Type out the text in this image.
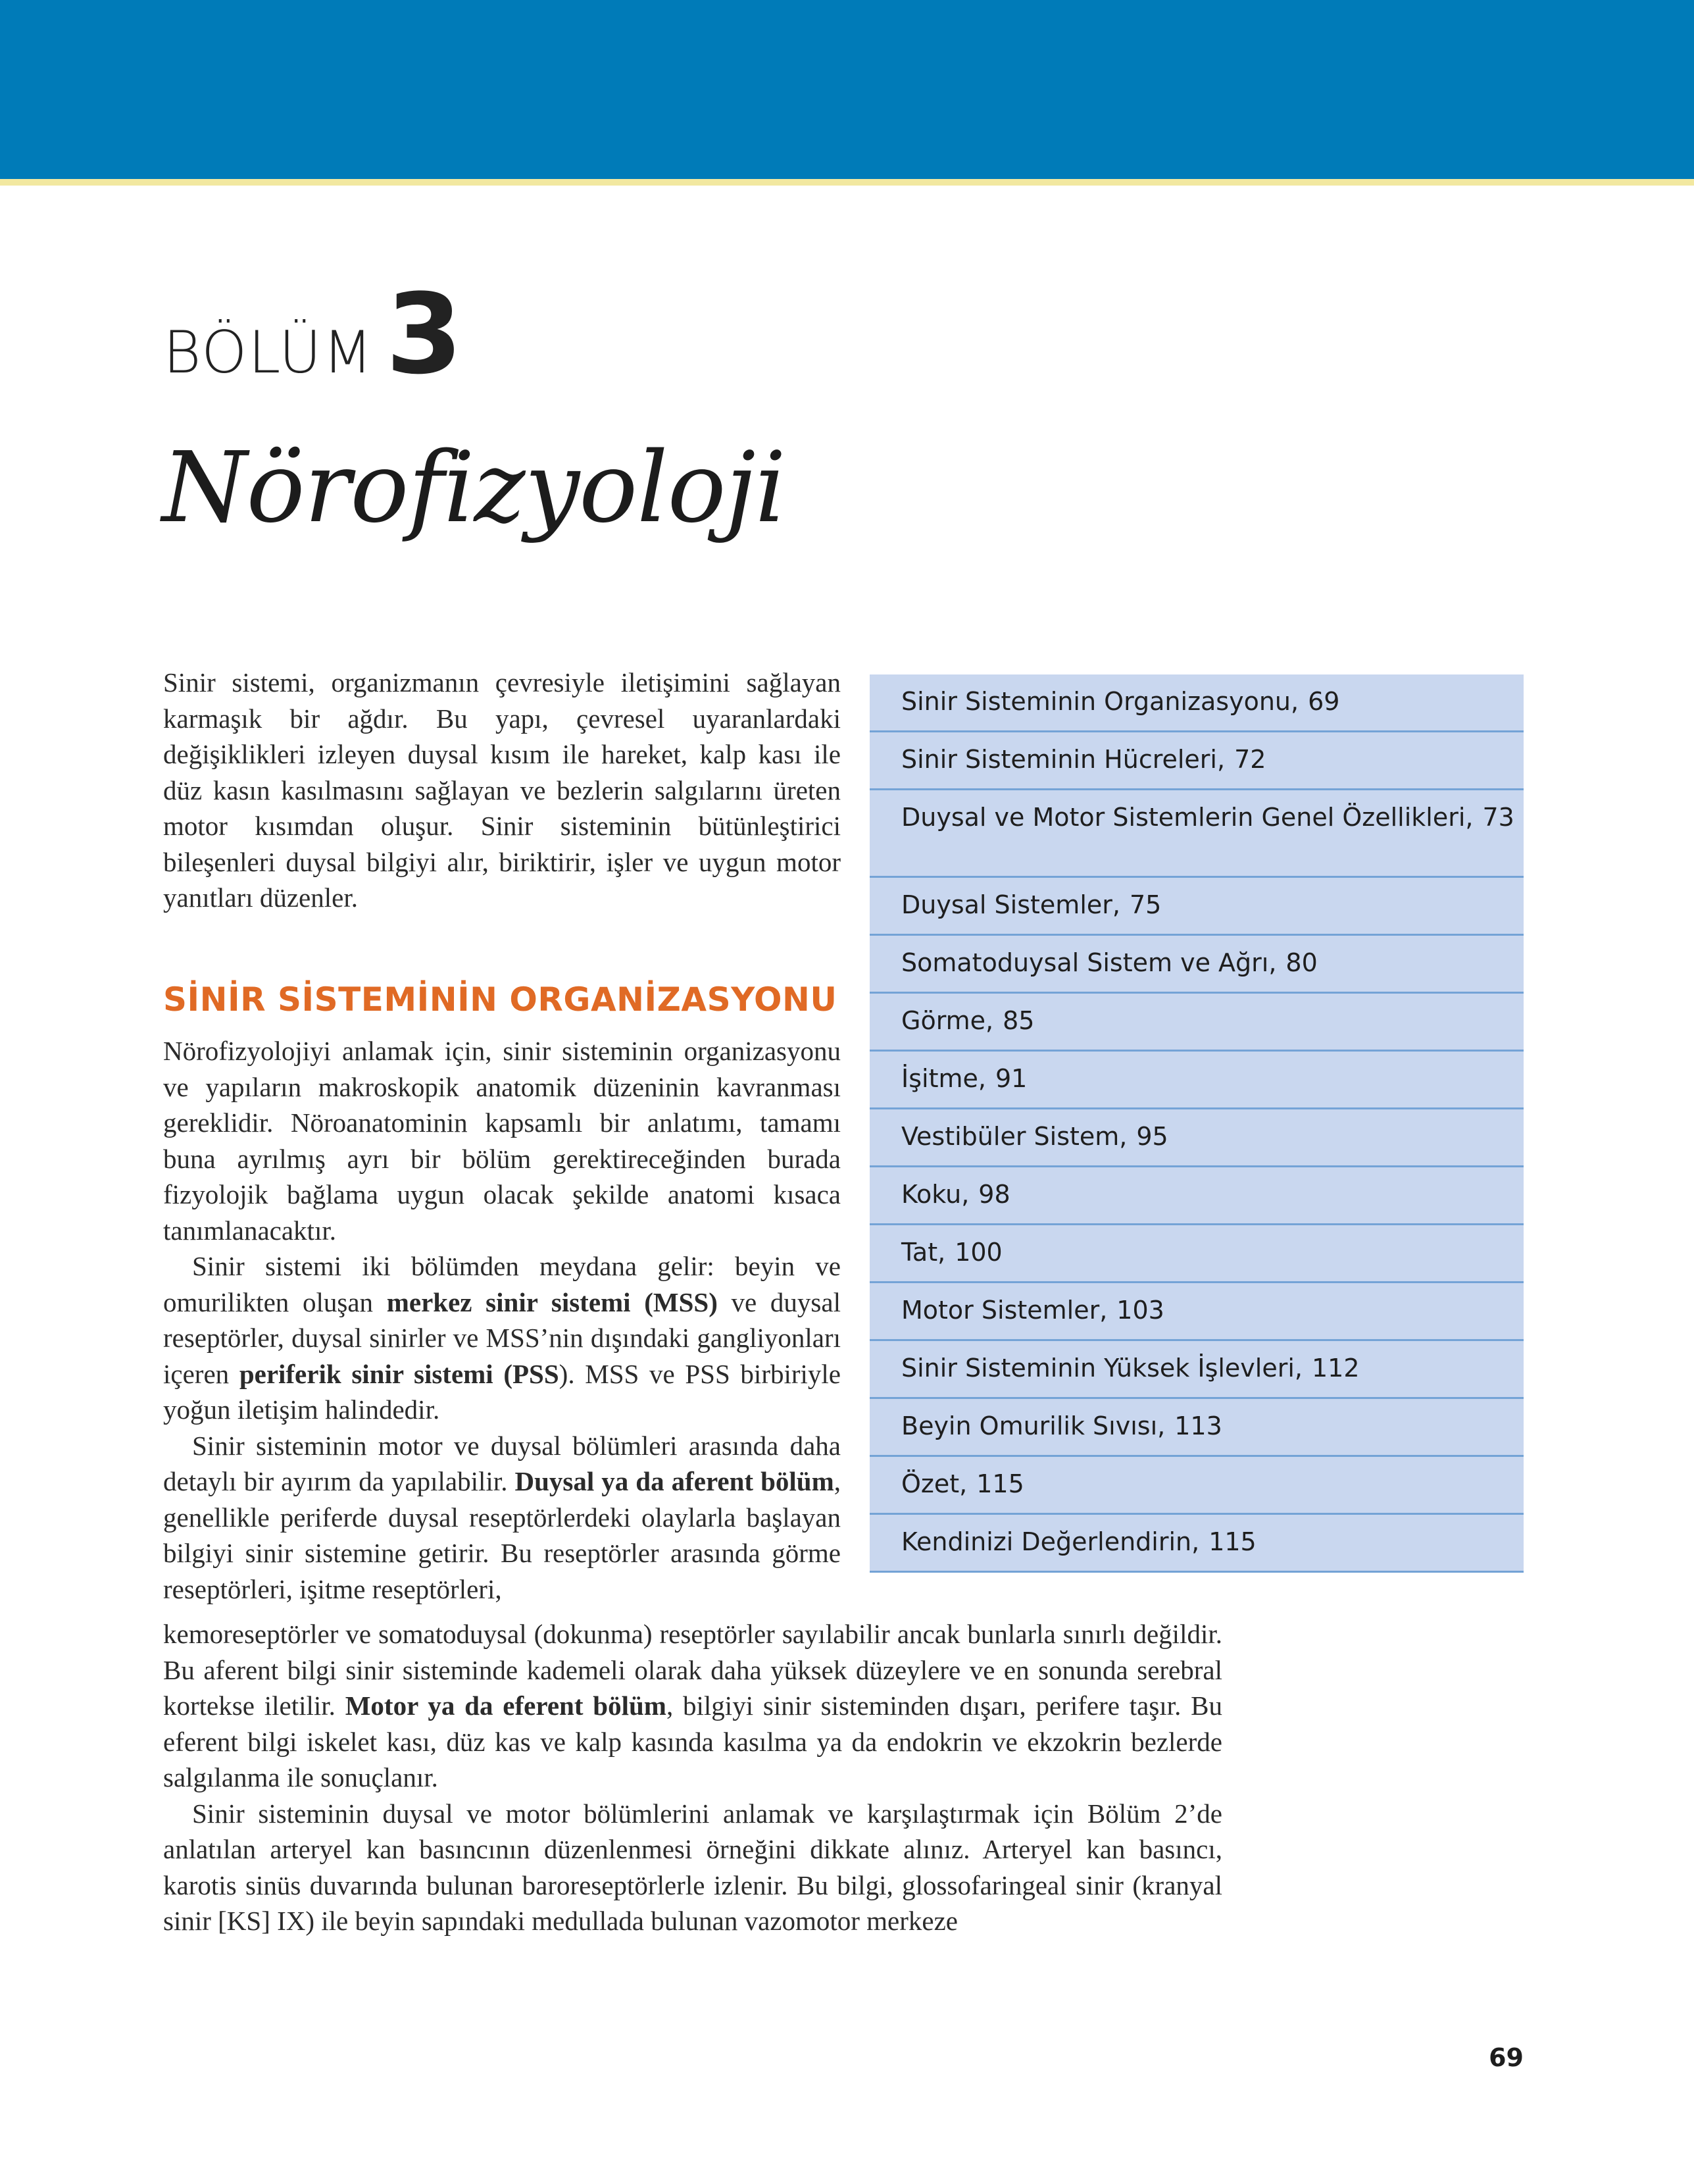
BÖLÜM 3
Nörofizyoloji

Sinir sistemi, organizmanın çevresiyle iletişimini sağlayan karmaşık bir ağdır. Bu yapı, çevresel uyaranlardaki değişiklikleri izleyen duysal kısım ile hareket, kalp kası ile düz kasın kasılmasını sağlayan ve bezlerin salgılarını üreten motor kısımdan oluşur. Sinir sisteminin bütünleştirici bileşenleri duysal bilgiyi alır, biriktirir, işler ve uygun motor yanıtları düzenler.

SİNİR SİSTEMİNİN ORGANİZASYONU

Nörofizyolojiyi anlamak için, sinir sisteminin organizasyonu ve yapıların makroskopik anatomik düzeninin kavranması gereklidir. Nöroanatominin kapsamlı bir anlatımı, tamamı buna ayrılmış ayrı bir bölüm gerektireceğinden burada fizyolojik bağlama uygun olacak şekilde anatomi kısaca tanımlanacaktır.

Sinir sistemi iki bölümden meydana gelir: beyin ve omurilikten oluşan merkez sinir sistemi (MSS) ve duysal reseptörler, duysal sinirler ve MSS’nin dışındaki gangliyonları içeren periferik sinir sistemi (PSS). MSS ve PSS birbiriyle yoğun iletişim halindedir.

Sinir sisteminin motor ve duysal bölümleri arasında daha detaylı bir ayırım da yapılabilir. Duysal ya da aferent bölüm, genellikle periferde duysal reseptörlerdeki olaylarla başlayan bilgiyi sinir sistemine getirir. Bu reseptörler arasında görme reseptörleri, işitme reseptörleri,

kemoreseptörler ve somatoduysal (dokunma) reseptörler sayılabilir ancak bunlarla sınırlı değildir. Bu aferent bilgi sinir sisteminde kademeli olarak daha yüksek düzeylere ve en sonunda serebral kortekse iletilir. Motor ya da eferent bölüm, bilgiyi sinir sisteminden dışarı, perifere taşır. Bu eferent bilgi iskelet kası, düz kas ve kalp kasında kasılma ya da endokrin ve ekzokrin bezlerde salgılanma ile sonuçlanır.

Sinir sisteminin duysal ve motor bölümlerini anlamak ve karşılaştırmak için Bölüm 2’de anlatılan arteryel kan basıncının düzenlenmesi örneğini dikkate alınız. Arteryel kan basıncı, karotis sinüs duvarında bulunan baroreseptörlerle izlenir. Bu bilgi, glossofaringeal sinir (kranyal sinir [KS] IX) ile beyin sapındaki medullada bulunan vazomotor merkeze

Sinir Sisteminin Organizasyonu, 69
Sinir Sisteminin Hücreleri, 72
Duysal ve Motor Sistemlerin Genel Özellikleri, 73
Duysal Sistemler, 75
Somatoduysal Sistem ve Ağrı, 80
Görme, 85
İşitme, 91
Vestibüler Sistem, 95
Koku, 98
Tat, 100
Motor Sistemler, 103
Sinir Sisteminin Yüksek İşlevleri, 112
Beyin Omurilik Sıvısı, 113
Özet, 115
Kendinizi Değerlendirin, 115
69
